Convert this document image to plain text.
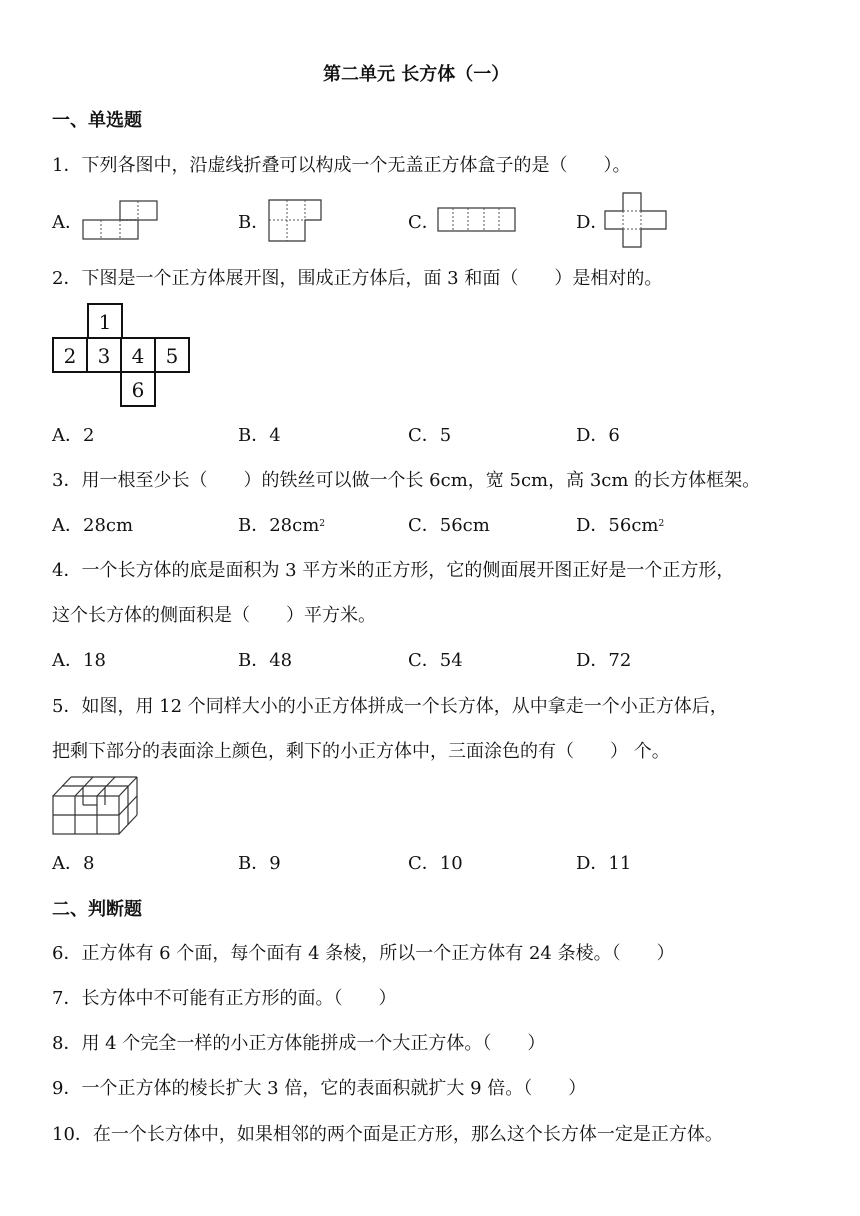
第二单元 长方体（一）
一、单选题
1．下列各图中，沿虚线折叠可以构成一个无盖正方体盒子的是（　　）。
A．	B．	C．	D．
2．下图是一个正方体展开图，围成正方体后，面 3 和面（　　）是相对的。
1
2 3 4 5
6
A．2	B．4	C．5	D．6
3．用一根至少长（　　）的铁丝可以做一个长 6cm，宽 5cm，高 3cm 的长方体框架。
A．28cm	B．$28cm^2$	C．56cm	D．$56cm^2$
4．一个长方体的底是面积为 3 平方米的正方形，它的侧面展开图正好是一个正方形，
这个长方体的侧面积是（　　）平方米。
A．18	B．48	C．54	D．72
5．如图，用 12 个同样大小的小正方体拼成一个长方体，从中拿走一个小正方体后，
把剩下部分的表面涂上颜色，剩下的小正方体中，三面涂色的有（　　） 个。
A．8	B．9	C．10	D．11
二、判断题
6．正方体有 6 个面，每个面有 4 条棱，所以一个正方体有 24 条棱。（　　）
7．长方体中不可能有正方形的面。（　　）
8．用 4 个完全一样的小正方体能拼成一个大正方体。（　　）
9．一个正方体的棱长扩大 3 倍，它的表面积就扩大 9 倍。（　　）
10．在一个长方体中，如果相邻的两个面是正方形，那么这个长方体一定是正方体。
